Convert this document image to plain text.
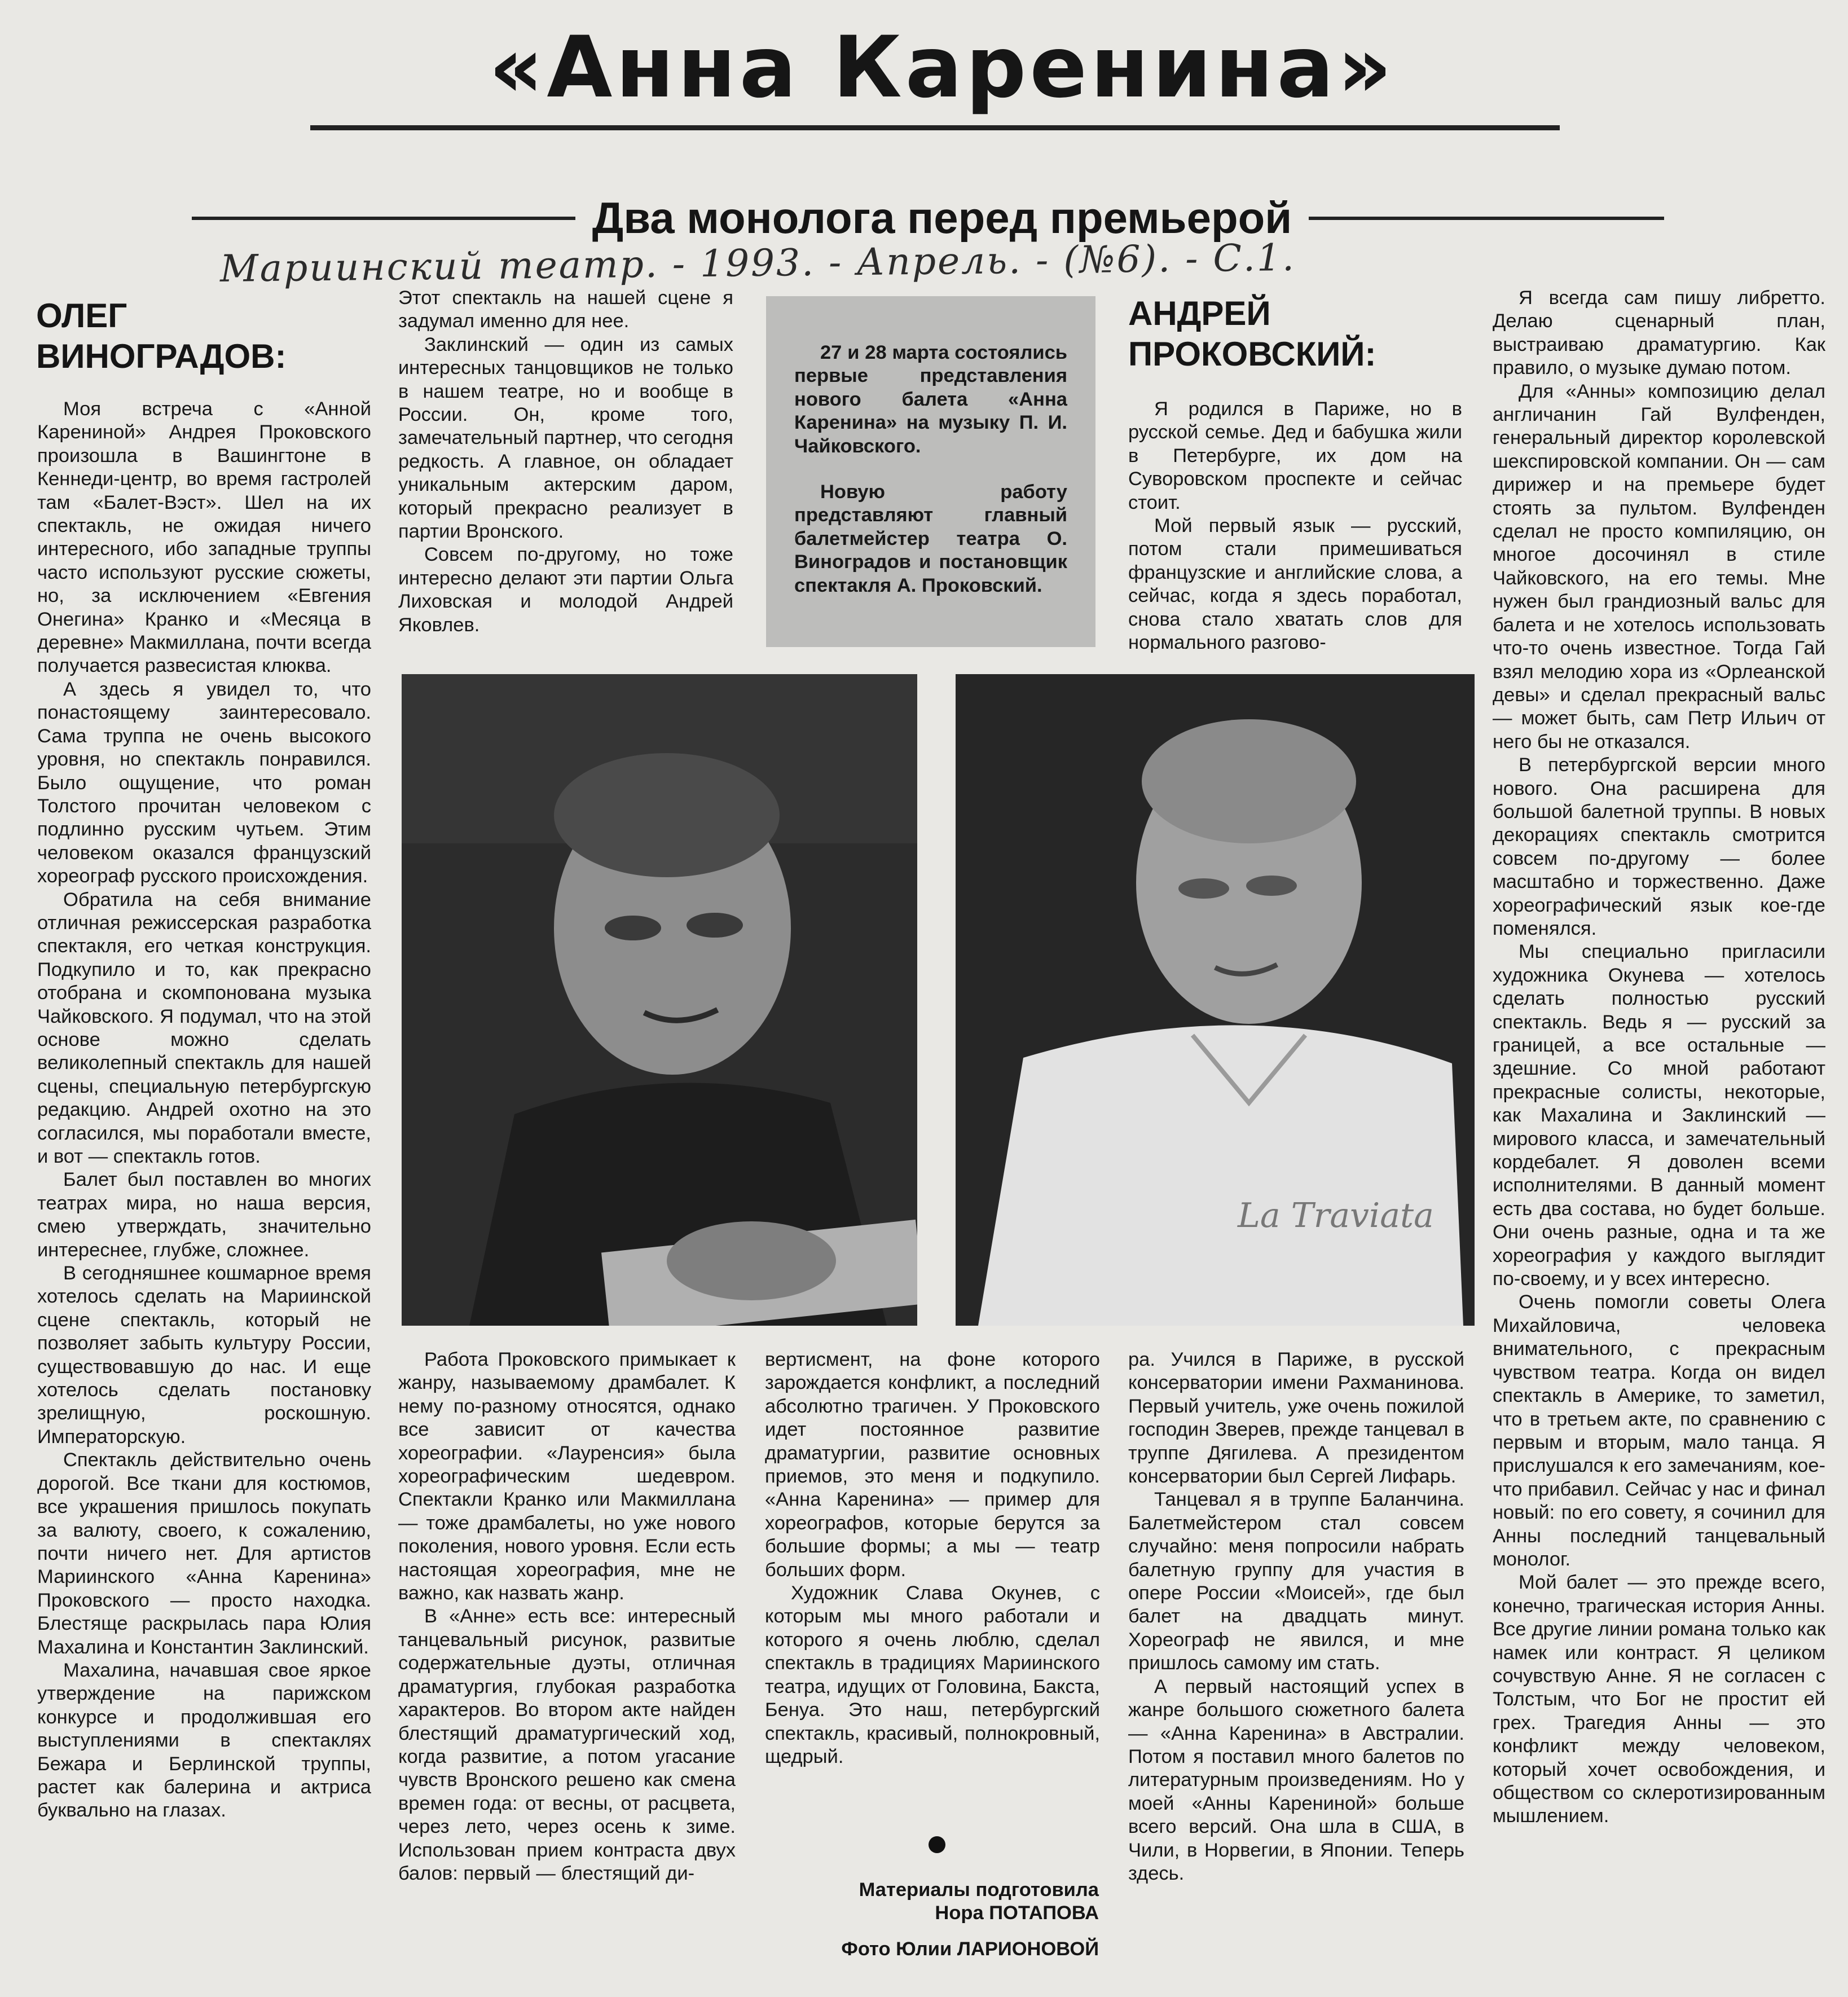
«Анна Каренина»
Два монолога перед премьерой
Мариинский театр. - 1993. - Апрель. - (№6). - С.1.
ОЛЕГ ВИНОГРАДОВ:

Моя встреча с «Анной Карениной» Андрея Проковского произошла в Вашингтоне в Кеннеди-центр, во время гастролей там «Балет-Вэст». Шел на их спектакль, не ожидая ничего интересного, ибо западные труппы часто используют русские сюжеты, но, за исключением «Евгения Онегина» Кранко и «Месяца в деревне» Макмиллана, почти всегда получается развесистая клюква.

А здесь я увидел то, что понастоящему заинтересовало. Сама труппа не очень высокого уровня, но спектакль понравился. Было ощущение, что роман Толстого прочитан человеком с подлинно русским чутьем. Этим человеком оказался французский хореограф русского происхождения.

Обратила на себя внимание отличная режиссерская разработка спектакля, его четкая конструкция. Подкупило и то, как прекрасно отобрана и скомпонована музыка Чайковского. Я подумал, что на этой основе можно сделать великолепный спектакль для нашей сцены, специальную петербургскую редакцию. Андрей охотно на это согласился, мы поработали вместе, и вот — спектакль готов.

Балет был поставлен во многих театрах мира, но наша версия, смею утверждать, значительно интереснее, глубже, сложнее.

В сегодняшнее кошмарное время хотелось сделать на Мариинской сцене спектакль, который не позволяет забыть культуру России, существовавшую до нас. И еще хотелось сделать постановку зрелищную, роскошную. Императорскую.

Спектакль действительно очень дорогой. Все ткани для костюмов, все украшения пришлось покупать за валюту, своего, к сожалению, почти ничего нет. Для артистов Мариинского «Анна Каренина» Проковского — просто находка. Блестяще раскрылась пара Юлия Махалина и Константин Заклинский.

Махалина, начавшая свое яркое утверждение на парижском конкурсе и продолжившая его выступлениями в спектаклях Бежара и Берлинской труппы, растет как балерина и актриса буквально на глазах.

Этот спектакль на нашей сцене я задумал именно для нее.

Заклинский — один из самых интересных танцовщиков не только в нашем театре, но и вообще в России. Он, кроме того, замечательный партнер, что сегодня редкость. А главное, он обладает уникальным актерским даром, который прекрасно реализует в партии Вронского.

Совсем по-другому, но тоже интересно делают эти партии Ольга Лиховская и молодой Андрей Яковлев.

27 и 28 марта состоялись первые представления нового балета «Анна Каренина» на музыку П. И. Чайковского.

Новую работу представляют главный балетмейстер театра О. Виноградов и постановщик спектакля А. Проковский.

АНДРЕЙ ПРОКОВСКИЙ:

Я родился в Париже, но в русской семье. Дед и бабушка жили в Петербурге, их дом на Суворовском проспекте и сейчас стоит.

Мой первый язык — русский, потом стали примешиваться французские и английские слова, а сейчас, когда я здесь поработал, снова стало хватать слов для нормального разгово-

Я всегда сам пишу либретто. Делаю сценарный план, выстраиваю драматургию. Как правило, о музыке думаю потом.

Для «Анны» композицию делал англичанин Гай Вулфенден, генеральный директор королевской шекспировской компании. Он — сам дирижер и на премьере будет стоять за пультом. Вулфенден сделал не просто компиляцию, он многое досочинял в стиле Чайковского, на его темы. Мне нужен был грандиозный вальс для балета и не хотелось использовать что-то очень известное. Тогда Гай взял мелодию хора из «Орлеанской девы» и сделал прекрасный вальс — может быть, сам Петр Ильич от него бы не отказался.

В петербургской версии много нового. Она расширена для большой балетной труппы. В новых декорациях спектакль смотрится совсем по-другому — более масштабно и торжественно. Даже хореографический язык кое-где поменялся.

Мы специально пригласили художника Окунева — хотелось сделать полностью русский спектакль. Ведь я — русский за границей, а все остальные — здешние. Со мной работают прекрасные солисты, некоторые, как Махалина и Заклинский — мирового класса, и замечательный кордебалет. Я доволен всеми исполнителями. В данный момент есть два состава, но будет больше. Они очень разные, одна и та же хореография у каждого выглядит по-своему, и у всех интересно.

Очень помогли советы Олега Михайловича, человека внимательного, с прекрасным чувством театра. Когда он видел спектакль в Америке, то заметил, что в третьем акте, по сравнению с первым и вторым, мало танца. Я прислушался к его замечаниям, кое-что прибавил. Сейчас у нас и финал новый: по его совету, я сочинил для Анны последний танцевальный монолог.

Мой балет — это прежде всего, конечно, трагическая история Анны. Все другие линии романа только как намек или контраст. Я целиком сочувствую Анне. Я не согласен с Толстым, что Бог не простит ей грех. Трагедия Анны — это конфликт между человеком, который хочет освобождения, и обществом со склеротизированным мышлением.

La Traviata

Работа Проковского примыкает к жанру, называемому драмбалет. К нему по-разному относятся, однако все зависит от качества хореографии. «Лауренсия» была хореографическим шедевром. Спектакли Кранко или Макмиллана — тоже драмбалеты, но уже нового поколения, нового уровня. Если есть настоящая хореография, мне не важно, как назвать жанр.

В «Анне» есть все: интересный танцевальный рисунок, развитые содержательные дуэты, отличная драматургия, глубокая разработка характеров. Во втором акте найден блестящий драматургический ход, когда развитие, а потом угасание чувств Вронского решено как смена времен года: от весны, от расцвета, через лето, через осень к зиме. Использован прием контраста двух балов: первый — блестящий ди-

вертисмент, на фоне которого зарождается конфликт, а последний абсолютно трагичен. У Проковского идет постоянное развитие драматургии, развитие основных приемов, это меня и подкупило. «Анна Каренина» — пример для хореографов, которые берутся за большие формы; а мы — театр больших форм.

Художник Слава Окунев, с которым мы много работали и которого я очень люблю, сделал спектакль в традициях Мариинского театра, идущих от Головина, Бакста, Бенуа. Это наш, петербургский спектакль, красивый, полнокровный, щедрый.

ра. Учился в Париже, в русской консерватории имени Рахманинова. Первый учитель, уже очень пожилой господин Зверев, прежде танцевал в труппе Дягилева. А президентом консерватории был Сергей Лифарь.

Танцевал я в труппе Баланчина. Балетмейстером стал совсем случайно: меня попросили набрать балетную группу для участия в опере России «Моисей», где был балет на двадцать минут. Хореограф не явился, и мне пришлось самому им стать.

А первый настоящий успех в жанре большого сюжетного балета — «Анна Каренина» в Австралии. Потом я поставил много балетов по литературным произведениям. Но у моей «Анны Карениной» больше всего версий. Она шла в США, в Чили, в Норвегии, в Японии. Теперь здесь.

Материалы подготовила
Нора ПОТАПОВА
Фото Юлии ЛАРИОНОВОЙ
